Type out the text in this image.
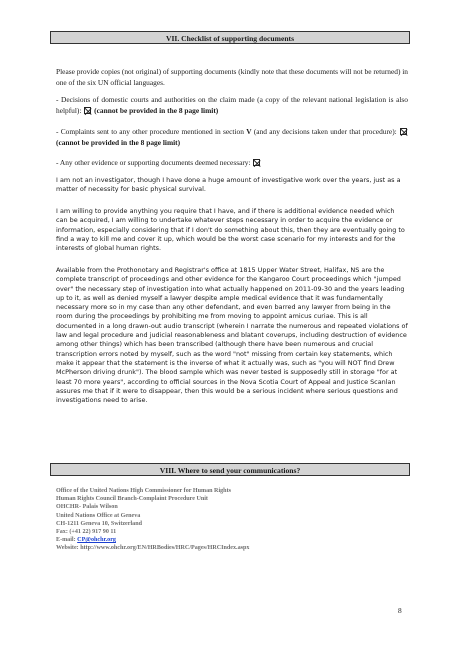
VII. Checklist of supporting documents

Please provide copies (not original) of supporting documents (kindly note that these documents will not be returned) in one of the six UN official languages.

- Decisions of domestic courts and authorities on the claim made (a copy of the relevant national legislation is also helpful): (cannot be provided in the 8 page limit)

- Complaints sent to any other procedure mentioned in section V (and any decisions taken under that procedure):  (cannot be provided in the 8 page limit)

- Any other evidence or supporting documents deemed necessary:

I am not an investigator, though I have done a huge amount of investigative work over the years, just as a matter of necessity for basic physical survival.

I am willing to provide anything you require that I have, and if there is additional evidence needed which can be acquired, I am willing to undertake whatever steps necessary in order to acquire the evidence or information, especially considering that if I don't do something about this, then they are eventually going to find a way to kill me and cover it up, which would be the worst case scenario for my interests and for the interests of global human rights.

Available from the Prothonotary and Registrar's office at 1815 Upper Water Street, Halifax, NS are the complete transcript of proceedings and other evidence for the Kangaroo Court proceedings which "jumped over" the necessary step of investigation into what actually happened on 2011-09-30 and the years leading up to it, as well as denied myself a lawyer despite ample medical evidence that it was fundamentally necessary more so in my case than any other defendant, and even barred any lawyer from being in the room during the proceedings by prohibiting me from moving to appoint amicus curiae. This is all documented in a long drawn-out audio transcript (wherein I narrate the numerous and repeated violations of law and legal procedure and judicial reasonableness and blatant coverups, including destruction of evidence among other things) which has been transcribed (although there have been numerous and crucial transcription errors noted by myself, such as the word "not" missing from certain key statements, which make it appear that the statement is the inverse of what it actually was, such as "you will NOT find Drew McPherson driving drunk"). The blood sample which was never tested is supposedly still in storage "for at least 70 more years", according to official sources in the Nova Scotia Court of Appeal and Justice Scanlan assures me that if it were to disappear, then this would be a serious incident where serious questions and investigations need to arise.

VIII. Where to send your communications?
Office of the United Nations High Commissioner for Human Rights
Human Rights Council Branch-Complaint Procedure Unit
OHCHR- Palais Wilson
United Nations Office at Geneva
CH-1211 Geneva 10, Switzerland
Fax: (+41 22) 917 90 11
E-mail: CP@ohchr.org
Website: http://www.ohchr.org/EN/HRBodies/HRC/Pages/HRCIndex.aspx
8
